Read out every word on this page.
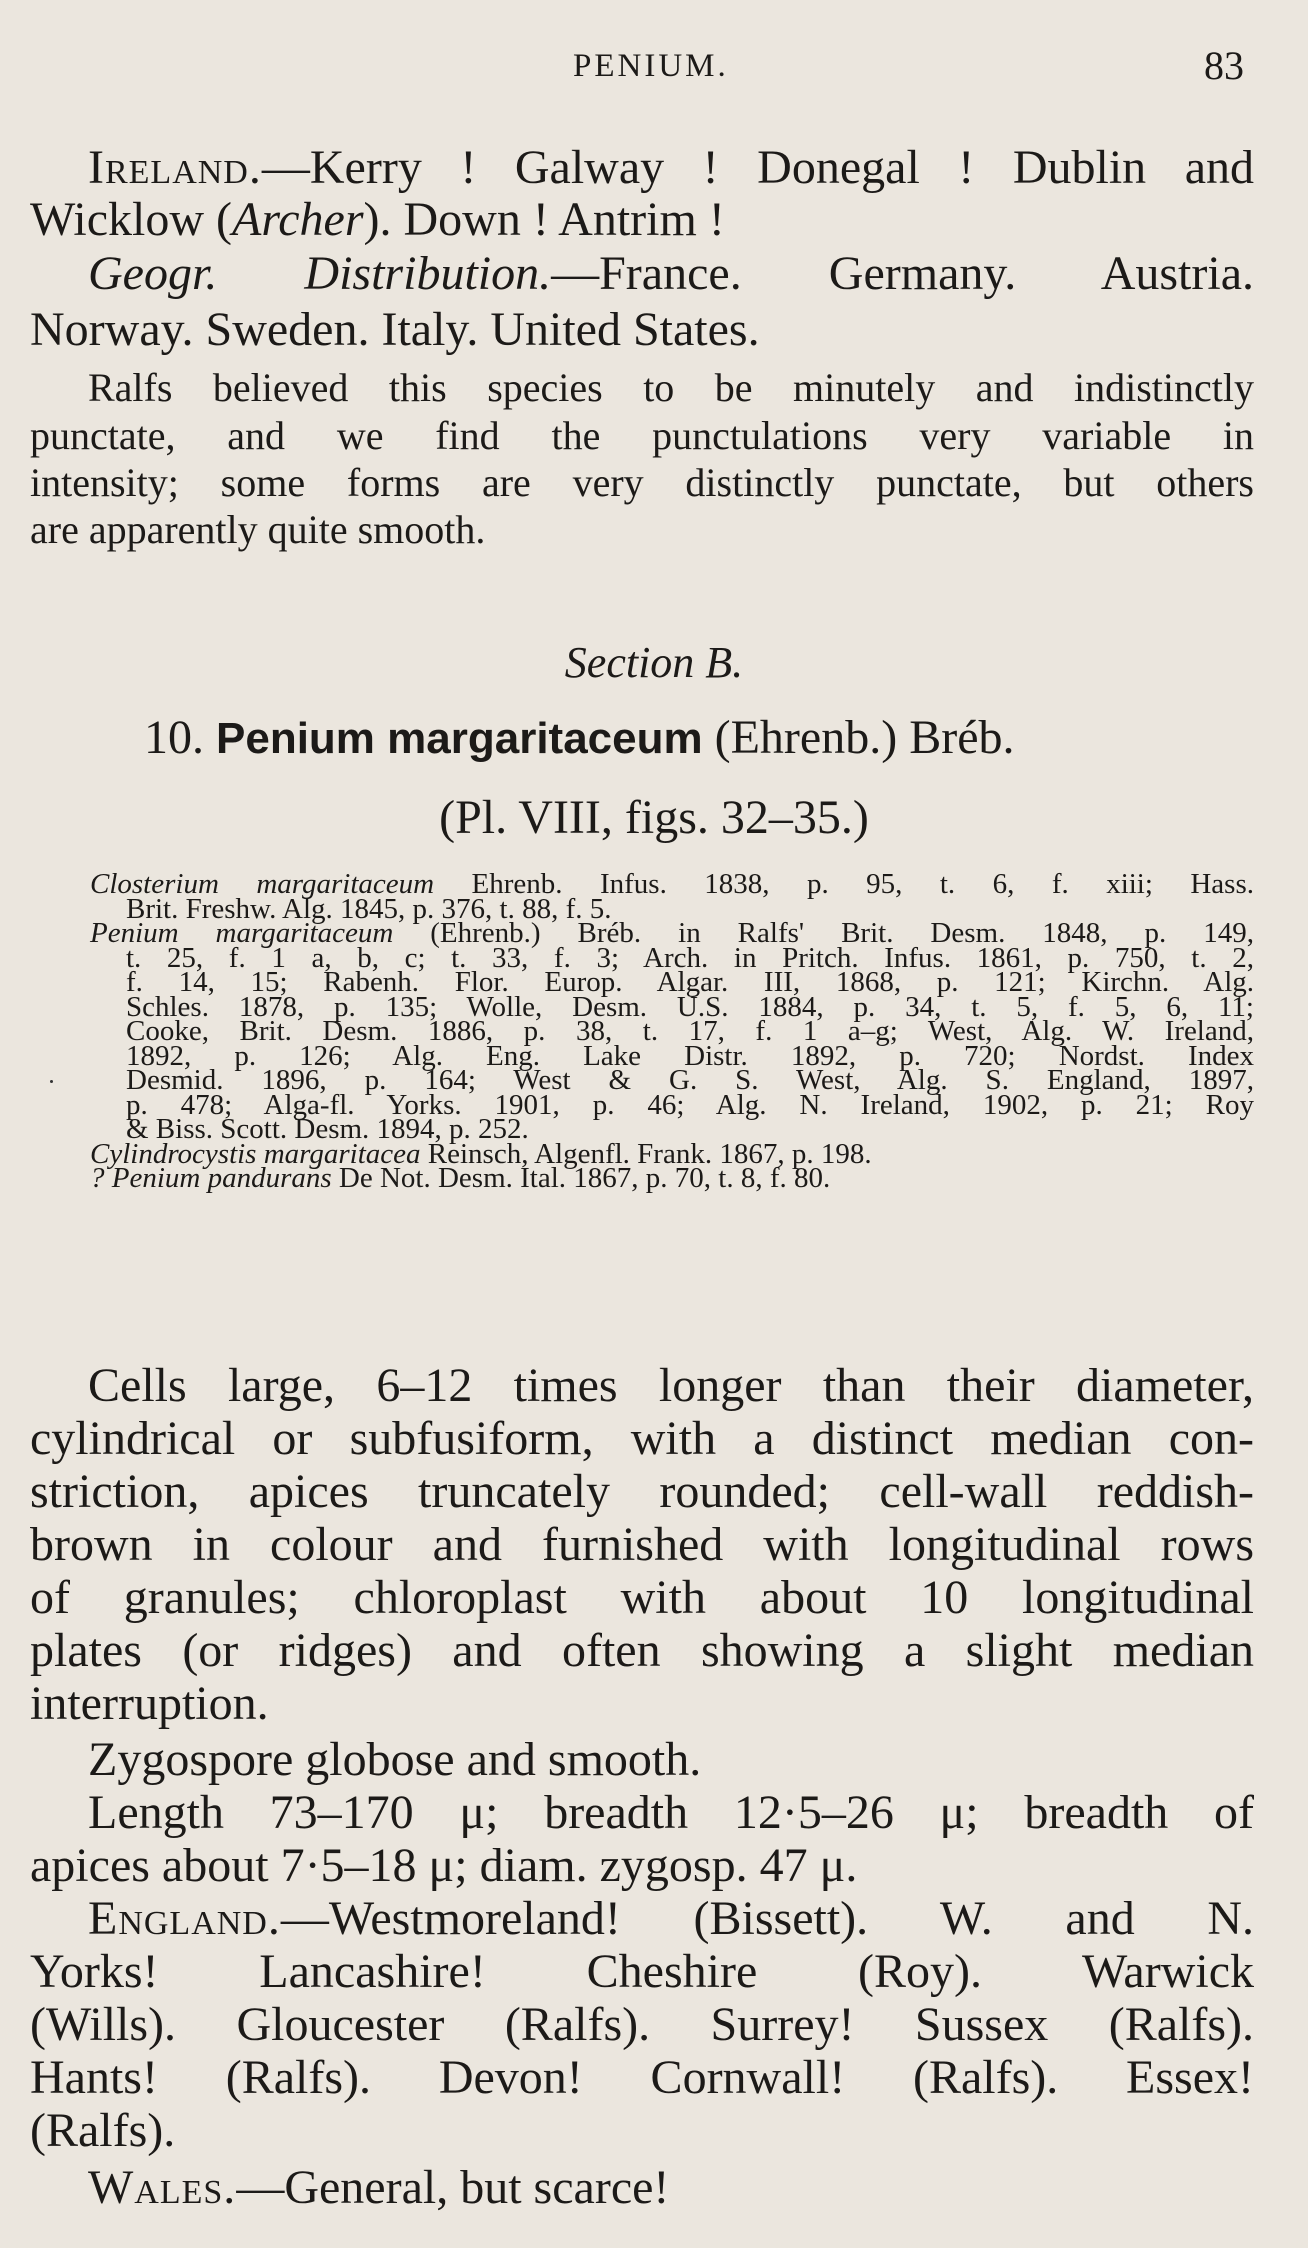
PENIUM.	83
Ireland.—Kerry ! Galway ! Donegal ! Dublin and
Wicklow (Archer). Down ! Antrim !
Geogr. Distribution.—France. Germany. Austria.
Norway. Sweden. Italy. United States.
Ralfs believed this species to be minutely and indistinctly
punctate, and we find the punctulations very variable in
intensity; some forms are very distinctly punctate, but others
are apparently quite smooth.
Section B.
10. Penium margaritaceum (Ehrenb.) Bréb.
(Pl. VIII, figs. 32–35.)
Closterium margaritaceum Ehrenb. Infus. 1838, p. 95, t. 6, f. xiii; Hass.
Brit. Freshw. Alg. 1845, p. 376, t. 88, f. 5.
Penium margaritaceum (Ehrenb.) Bréb. in Ralfs' Brit. Desm. 1848, p. 149,
t. 25, f. 1 a, b, c; t. 33, f. 3; Arch. in Pritch. Infus. 1861, p. 750, t. 2,
f. 14, 15; Rabenh. Flor. Europ. Algar. III, 1868, p. 121; Kirchn. Alg.
Schles. 1878, p. 135; Wolle, Desm. U.S. 1884, p. 34, t. 5, f. 5, 6, 11;
Cooke, Brit. Desm. 1886, p. 38, t. 17, f. 1 a–g; West, Alg. W. Ireland,
1892, p. 126; Alg. Eng. Lake Distr. 1892, p. 720; Nordst. Index
Desmid. 1896, p. 164; West & G. S. West, Alg. S. England, 1897,
p. 478; Alga-fl. Yorks. 1901, p. 46; Alg. N. Ireland, 1902, p. 21; Roy
& Biss. Scott. Desm. 1894, p. 252.
Cylindrocystis margaritacea Reinsch, Algenfl. Frank. 1867, p. 198.
? Penium pandurans De Not. Desm. Ital. 1867, p. 70, t. 8, f. 80.
Cells large, 6–12 times longer than their diameter,
cylindrical or subfusiform, with a distinct median con-
striction, apices truncately rounded; cell-wall reddish-
brown in colour and furnished with longitudinal rows
of granules; chloroplast with about 10 longitudinal
plates (or ridges) and often showing a slight median
interruption.
Zygospore globose and smooth.
Length 73–170 μ; breadth 12·5–26 μ; breadth of
apices about 7·5–18 μ; diam. zygosp. 47 μ.
England.—Westmoreland! (Bissett). W. and N.
Yorks! Lancashire! Cheshire (Roy). Warwick
(Wills). Gloucester (Ralfs). Surrey! Sussex (Ralfs).
Hants! (Ralfs). Devon! Cornwall! (Ralfs). Essex!
(Ralfs).
Wales.—General, but scarce!
